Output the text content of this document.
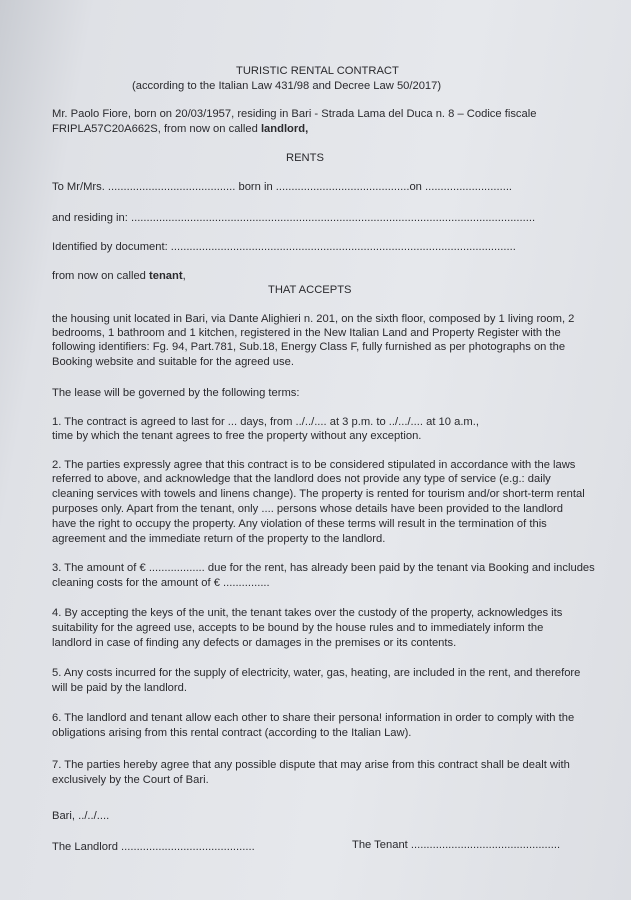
TURISTIC RENTAL CONTRACT
(according to the Italian Law 431/98 and Decree Law 50/2017)
Mr. Paolo Fiore, born on 20/03/1957, residing in Bari - Strada Lama del Duca n. 8 – Codice fiscale
FRIPLA57C20A662S, from now on called landlord,
RENTS
To Mr/Mrs. ......................................... born in ...........................................on ............................
and residing in: ..................................................................................................................................
Identified by document: ...............................................................................................................
from now on called tenant,
THAT ACCEPTS
the housing unit located in Bari, via Dante Alighieri n. 201, on the sixth floor, composed by 1 living room, 2
bedrooms, 1 bathroom and 1 kitchen, registered in the New Italian Land and Property Register with the
following identifiers: Fg. 94, Part.781, Sub.18, Energy Class F, fully furnished as per photographs on the
Booking website and suitable for the agreed use.
The lease will be governed by the following terms:
1. The contract is agreed to last for ... days, from ../../.... at 3 p.m. to ../.../.... at 10 a.m.,
time by which the tenant agrees to free the property without any exception.
2. The parties expressly agree that this contract is to be considered stipulated in accordance with the laws
referred to above, and acknowledge that the landlord does not provide any type of service (e.g.: daily
cleaning services with towels and linens change). The property is rented for tourism and/or short-term rental
purposes only. Apart from the tenant, only .... persons whose details have been provided to the landlord
have the right to occupy the property. Any violation of these terms will result in the termination of this
agreement and the immediate return of the property to the landlord.
3. The amount of € .................. due for the rent, has already been paid by the tenant via Booking and includes
cleaning costs for the amount of € ...............
4. By accepting the keys of the unit, the tenant takes over the custody of the property, acknowledges its
suitability for the agreed use, accepts to be bound by the house rules and to immediately inform the
landlord in case of finding any defects or damages in the premises or its contents.
5. Any costs incurred for the supply of electricity, water, gas, heating, are included in the rent, and therefore
will be paid by the landlord.
6. The landlord and tenant allow each other to share their persona! information in order to comply with the
obligations arising from this rental contract (according to the Italian Law).
7. The parties hereby agree that any possible dispute that may arise from this contract shall be dealt with
exclusively by the Court of Bari.
Bari, ../../....
The Landlord ...........................................	The Tenant ................................................
